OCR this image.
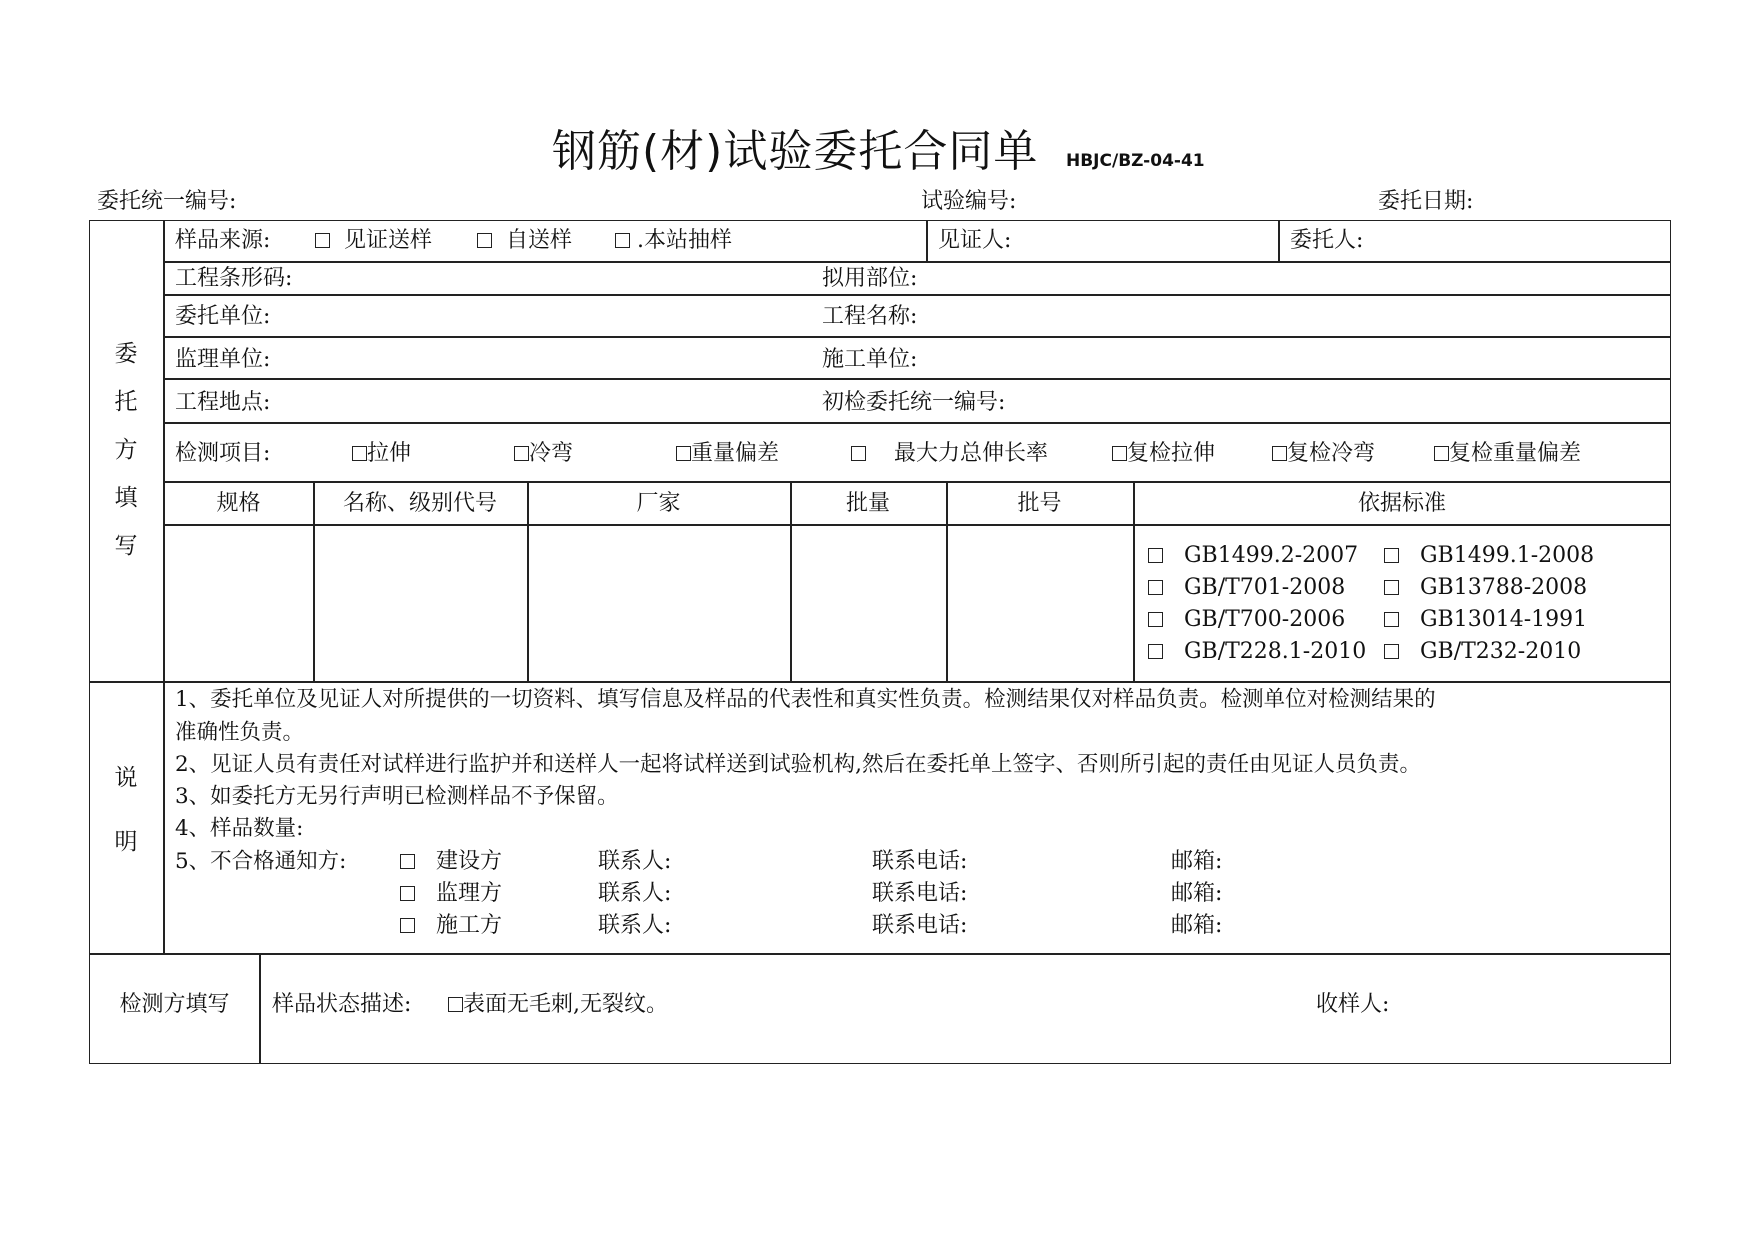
钢筋(材)试验委托合同单 HBJC/BZ-04-41
委托统一编号:	试验编号:	委托日期:
委
托
方
填
写
样品来源:	见证送样	自送样	.本站抽样	见证人:	委托人:
工程条形码:	拟用部位:
委托单位:	工程名称:
监理单位:	施工单位:
工程地点:	初检委托统一编号:
检测项目:	拉伸	冷弯	重量偏差	最大力总伸长率	复检拉伸	复检冷弯	复检重量偏差
规格	名称、级别代号	厂家	批量	批号	依据标准
GB1499.2-2007	GB1499.1-2008
GB/T701-2008	GB13788-2008
GB/T700-2006	GB13014-1991
GB/T228.1-2010	GB/T232-2010
说
明
1、委托单位及见证人对所提供的一切资料、填写信息及样品的代表性和真实性负责。检测结果仅对样品负责。检测单位对检测结果的
准确性负责。
2、见证人员有责任对试样进行监护并和送样人一起将试样送到试验机构,然后在委托单上签字、否则所引起的责任由见证人员负责。
3、如委托方无另行声明已检测样品不予保留。
4、样品数量:
5、不合格通知方:	建设方	联系人:	联系电话:	邮箱:
监理方	联系人:	联系电话:	邮箱:
施工方	联系人:	联系电话:	邮箱:
检测方填写	样品状态描述:	表面无毛刺,无裂纹。	收样人:
